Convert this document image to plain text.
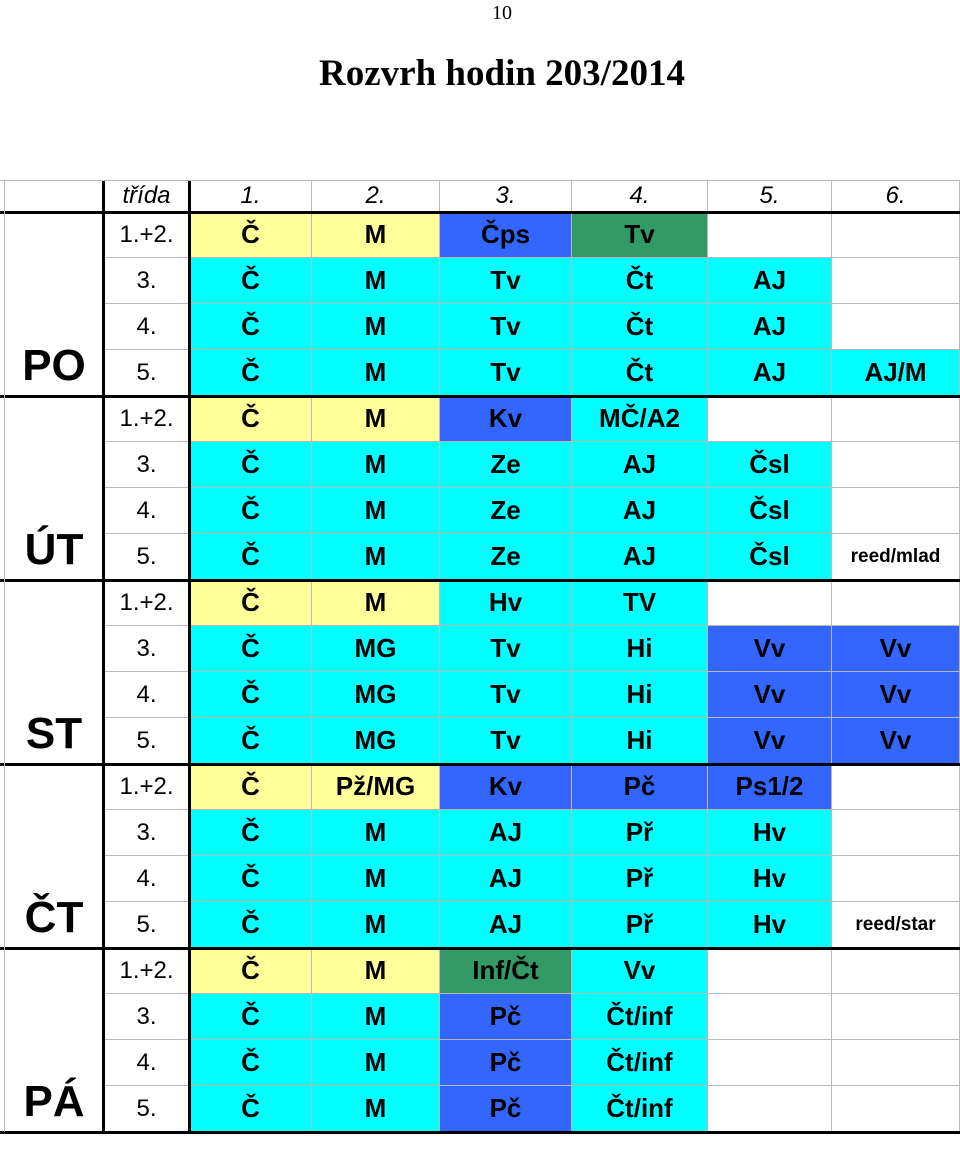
10
Rozvrh hodin 203/2014
třída	1.	2.	3.	4.	5.	6.
PO
1.+2.	Č	M	Čps	Tv
3.	Č	M	Tv	Čt	AJ
4.	Č	M	Tv	Čt	AJ
5.	Č	M	Tv	Čt	AJ	AJ/M
ÚT
1.+2.	Č	M	Kv	MČ/A2
3.	Č	M	Ze	AJ	Čsl
4.	Č	M	Ze	AJ	Čsl
5.	Č	M	Ze	AJ	Čsl	reed/mlad
ST
1.+2.	Č	M	Hv	TV
3.	Č	MG	Tv	Hi	Vv	Vv
4.	Č	MG	Tv	Hi	Vv	Vv
5.	Č	MG	Tv	Hi	Vv	Vv
ČT
1.+2.	Č	Pž/MG	Kv	Pč	Ps1/2
3.	Č	M	AJ	Př	Hv
4.	Č	M	AJ	Př	Hv
5.	Č	M	AJ	Př	Hv	reed/star
PÁ
1.+2.	Č	M	Inf/Čt	Vv
3.	Č	M	Pč	Čt/inf
4.	Č	M	Pč	Čt/inf
5.	Č	M	Pč	Čt/inf
